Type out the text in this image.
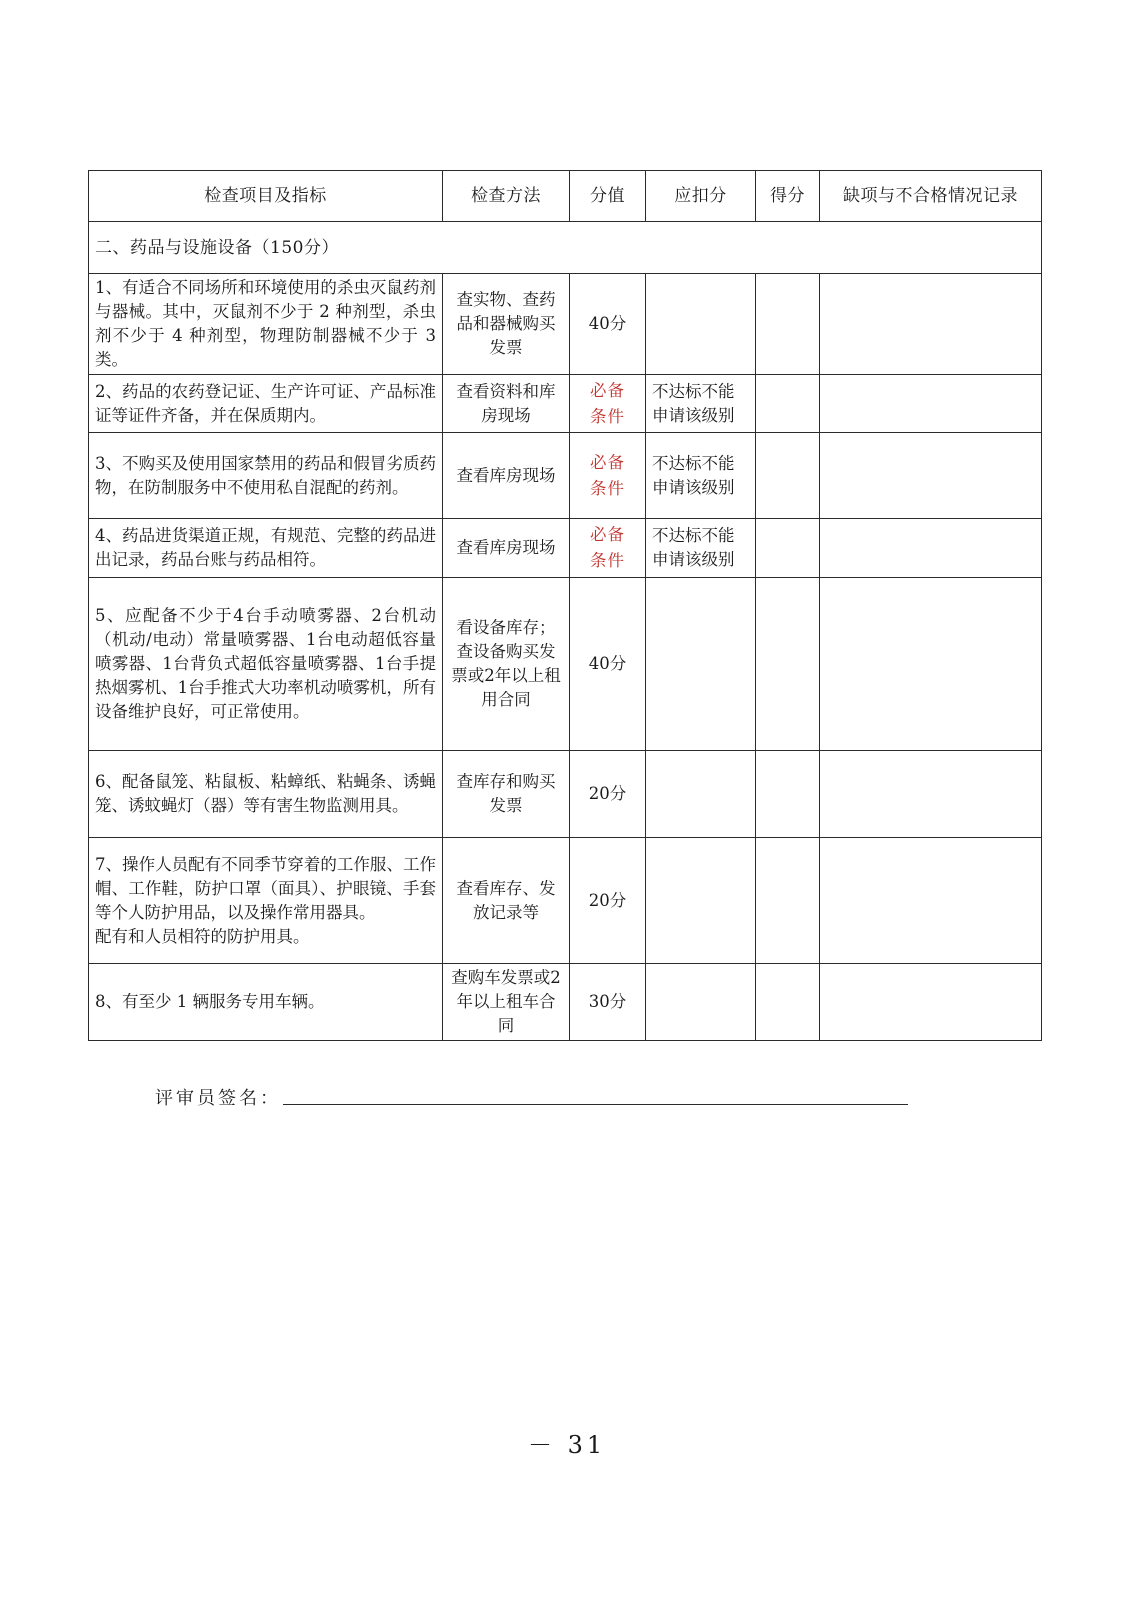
检查项目及指标	检查方法	分值	应扣分	得分	缺项与不合格情况记录
二、药品与设施设备（150分）					
1、有适合不同场所和环境使用的杀虫灭鼠药剂与器械。其中，灭鼠剂不少于 2 种剂型，杀虫剂不少于 4 种剂型，物理防制器械不少于 3 类。	查实物、查药品和器械购买发票	40分			
2、药品的农药登记证、生产许可证、产品标准证等证件齐备，并在保质期内。	查看资料和库房现场	必备条件	不达标不能申请该级别		
3、不购买及使用国家禁用的药品和假冒劣质药物，在防制服务中不使用私自混配的药剂。	查看库房现场	必备条件	不达标不能申请该级别		
4、药品进货渠道正规，有规范、完整的药品进出记录，药品台账与药品相符。	查看库房现场	必备条件	不达标不能申请该级别		
5、应配备不少于4台手动喷雾器、2台机动（机动/电动）常量喷雾器、1台电动超低容量喷雾器、1台背负式超低容量喷雾器、1台手提热烟雾机、1台手推式大功率机动喷雾机，所有设备维护良好，可正常使用。	看设备库存；查设备购买发票或2年以上租用合同	40分			
6、配备鼠笼、粘鼠板、粘蟑纸、粘蝇条、诱蝇笼、诱蚊蝇灯（器）等有害生物监测用具。	查库存和购买发票	20分			

7、操作人员配有不同季节穿着的工作服、工作帽、工作鞋，防护口罩（面具）、护眼镜、手套等个人防护用品，以及操作常用器具。
配有和人员相符的防护用具。	查看库存、发放记录等	20分			
8、有至少 1 辆服务专用车辆。	查购车发票或2年以上租车合同	30分			
评审员签名：
－ 31
